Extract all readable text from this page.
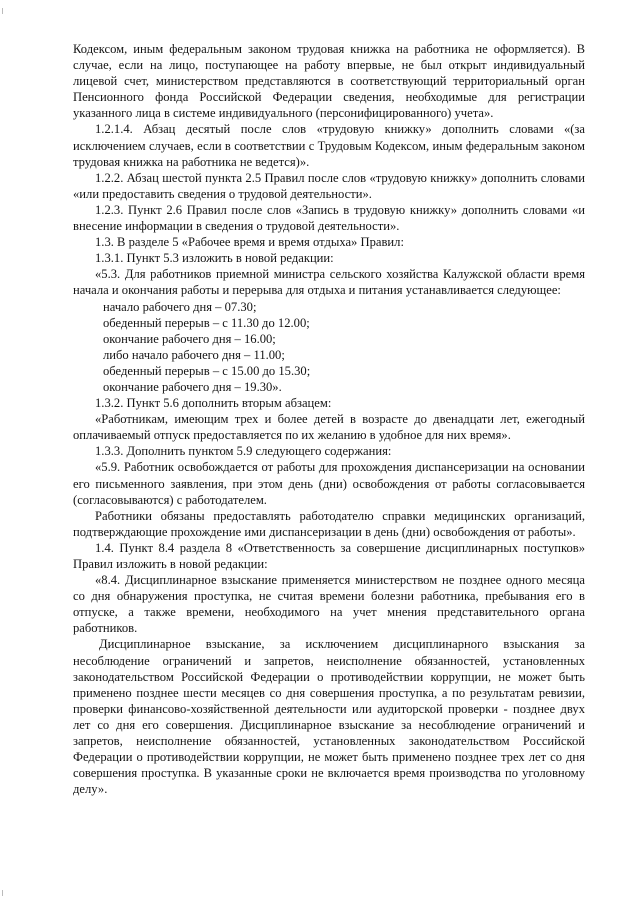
Кодексом, иным федеральным законом трудовая книжка на работника не оформляется). В случае, если на лицо, поступающее на работу впервые, не был открыт индивидуальный лицевой счет, министерством представляются в соответствующий территориальный орган Пенсионного фонда Российской Федерации сведения, необходимые для регистрации указанного лица в системе индивидуального (персонифицированного) учета».

1.2.1.4. Абзац десятый после слов «трудовую книжку» дополнить словами «(за исключением случаев, если в соответствии с Трудовым Кодексом, иным федеральным законом трудовая книжка на работника не ведется)».

1.2.2. Абзац шестой пункта 2.5 Правил после слов «трудовую книжку» дополнить словами «или предоставить сведения о трудовой деятельности».

1.2.3. Пункт 2.6 Правил после слов «Запись в трудовую книжку» дополнить словами «и внесение информации в сведения о трудовой деятельности».

1.3. В разделе 5 «Рабочее время и время отдыха» Правил:

1.3.1. Пункт 5.3 изложить в новой редакции:

«5.3. Для работников приемной министра сельского хозяйства Калужской области время начала и окончания работы и перерыва для отдыха и питания устанавливается следующее:

начало рабочего дня – 07.30;

обеденный перерыв – с 11.30 до 12.00;

окончание рабочего дня – 16.00;

либо начало рабочего дня – 11.00;

обеденный перерыв – с 15.00 до 15.30;

окончание рабочего дня – 19.30».

1.3.2. Пункт 5.6 дополнить вторым абзацем:

«Работникам, имеющим трех и более детей в возрасте до двенадцати лет, ежегодный оплачиваемый отпуск предоставляется по их желанию в удобное для них время».

1.3.3. Дополнить пунктом 5.9 следующего содержания:

«5.9. Работник освобождается от работы для прохождения диспансеризации на основании его письменного заявления, при этом день (дни) освобождения от работы согласовывается (согласовываются) с работодателем.

Работники обязаны предоставлять работодателю справки медицинских организаций, подтверждающие прохождение ими диспансеризации в день (дни) освобождения от работы».

1.4. Пункт 8.4 раздела 8 «Ответственность за совершение дисциплинарных поступков» Правил изложить в новой редакции:

«8.4. Дисциплинарное взыскание применяется министерством не позднее одного месяца со дня обнаружения проступка, не считая времени болезни работника, пребывания его в отпуске, а также времени, необходимого на учет мнения представительного органа работников.

Дисциплинарное взыскание, за исключением дисциплинарного взыскания за несоблюдение ограничений и запретов, неисполнение обязанностей, установленных законодательством Российской Федерации о противодействии коррупции, не может быть применено позднее шести месяцев со дня совершения проступка, а по результатам ревизии, проверки финансово-хозяйственной деятельности или аудиторской проверки - позднее двух лет со дня его совершения. Дисциплинарное взыскание за несоблюдение ограничений и запретов, неисполнение обязанностей, установленных законодательством Российской Федерации о противодействии коррупции, не может быть применено позднее трех лет со дня совершения проступка. В указанные сроки не включается время производства по уголовному делу».
